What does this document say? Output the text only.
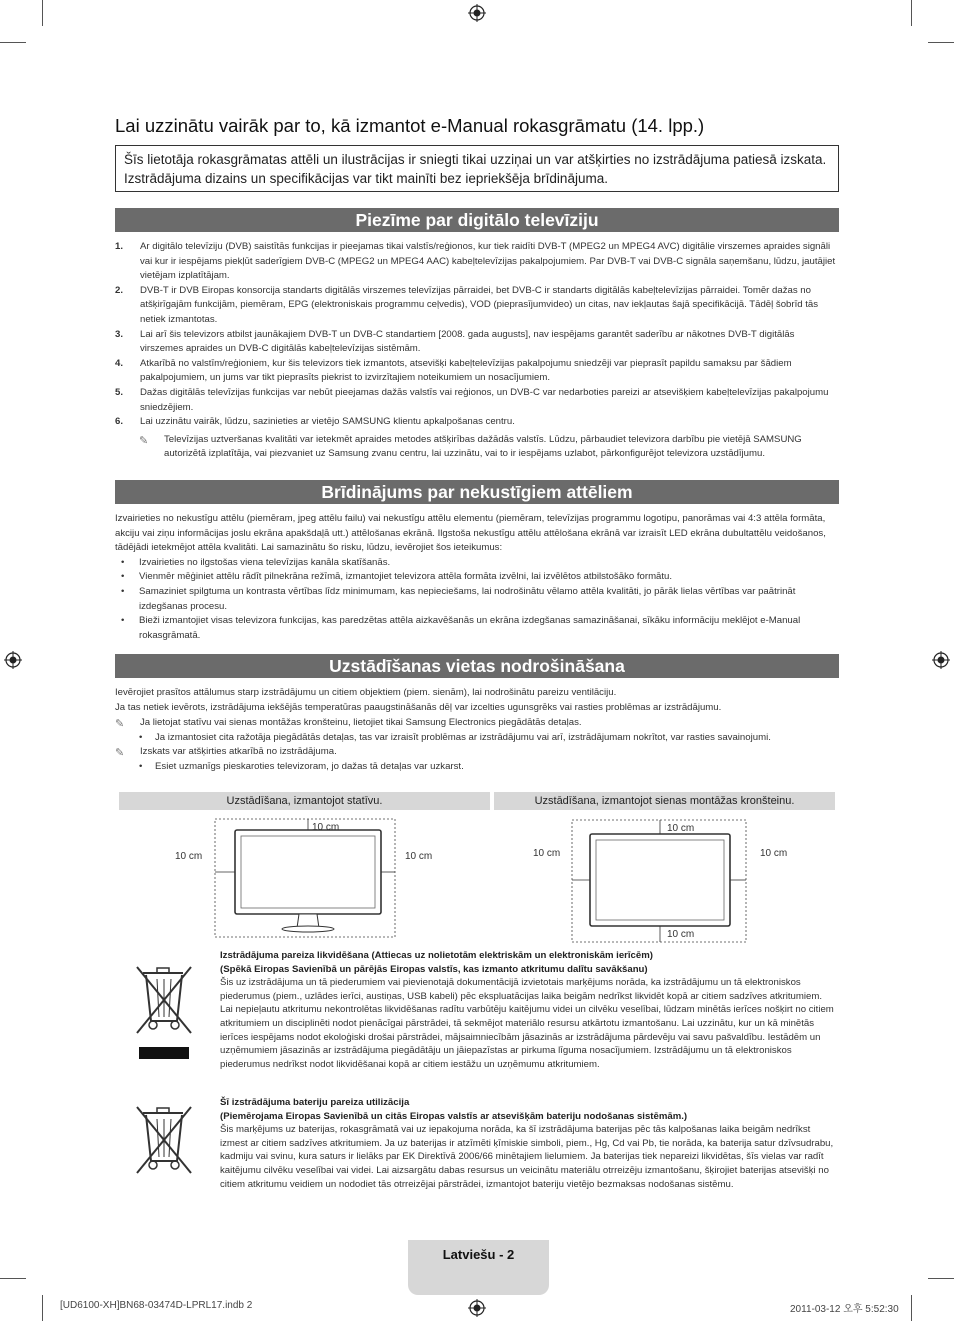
Lai uzzinātu vairāk par to, kā izmantot e-Manual rokasgrāmatu (14. lpp.)
Šīs lietotāja rokasgrāmatas attēli un ilustrācijas ir sniegti tikai uzziņai un var atšķirties no izstrādājuma patiesā izskata. Izstrādājuma dizains un specifikācijas var tikt mainīti bez iepriekšēja brīdinājuma.
Piezīme par digitālo televīziju
1. Ar digitālo televīziju (DVB) saistītās funkcijas ir pieejamas tikai valstīs/reģionos, kur tiek raidīti DVB-T (MPEG2 un MPEG4 AVC) digitālie virszemes apraides signāli vai kur ir iespējams piekļūt saderīgiem DVB-C (MPEG2 un MPEG4 AAC) kabeļtelevīzijas pakalpojumiem. Par DVB-T vai DVB-C signāla saņemšanu, lūdzu, jautājiet vietējam izplatītājam.
2. DVB-T ir DVB Eiropas konsorcija standarts digitālās virszemes televīzijas pārraidei, bet DVB-C ir standarts digitālās kabeļtelevīzijas pārraidei. Tomēr dažas no atšķirīgajām funkcijām, piemēram, EPG (elektroniskais programmu ceļvedis), VOD (pieprasījumvideo) un citas, nav iekļautas šajā specifikācijā. Tādēļ šobrīd tās netiek izmantotas.
3. Lai arī šis televizors atbilst jaunākajiem DVB-T un DVB-C standartiem [2008. gada augusts], nav iespējams garantēt saderību ar nākotnes DVB-T digitālās virszemes apraides un DVB-C digitālās kabeļtelevīzijas sistēmām.
4. Atkarībā no valstīm/reģioniem, kur šis televizors tiek izmantots, atsevišķi kabeļtelevīzijas pakalpojumu sniedzēji var pieprasīt papildu samaksu par šādiem pakalpojumiem, un jums var tikt pieprasīts piekrist to izvirzītajiem noteikumiem un nosacījumiem.
5. Dažas digitālās televīzijas funkcijas var nebūt pieejamas dažās valstīs vai reģionos, un DVB-C var nedarboties pareizi ar atsevišķiem kabeļtelevīzijas pakalpojumu sniedzējiem.
6. Lai uzzinātu vairāk, lūdzu, sazinieties ar vietējo SAMSUNG klientu apkalpošanas centru.
✎ Televīzijas uztveršanas kvalitāti var ietekmēt apraides metodes atšķirības dažādās valstīs. Lūdzu, pārbaudiet televizora darbību pie vietējā SAMSUNG autorizētā izplatītāja, vai piezvaniet uz Samsung zvanu centru, lai uzzinātu, vai to ir iespējams uzlabot, pārkonfigurējot televizora uzstādījumu.
Brīdinājums par nekustīgiem attēliem
Izvairieties no nekustīgu attēlu (piemēram, jpeg attēlu failu) vai nekustīgu attēlu elementu (piemēram, televīzijas programmu logotipu, panorāmas vai 4:3 attēla formāta, akciju vai ziņu informācijas joslu ekrāna apakšdaļā utt.) attēlošanas ekrānā. Ilgstoša nekustīgu attēlu attēlošana ekrānā var izraisīt LED ekrāna dubultattēlu veidošanos, tādējādi ietekmējot attēla kvalitāti. Lai samazinātu šo risku, lūdzu, ievērojiet šos ieteikumus:
• Izvairieties no ilgstošas viena televīzijas kanāla skatīšanās.
• Vienmēr mēģiniet attēlu rādīt pilnekrāna režīmā, izmantojiet televizora attēla formāta izvēlni, lai izvēlētos atbilstošāko formātu.
• Samaziniet spilgtuma un kontrasta vērtības līdz minimumam, kas nepieciešams, lai nodrošinātu vēlamo attēla kvalitāti, jo pārāk lielas vērtības var paātrināt izdegšanas procesu.
• Bieži izmantojiet visas televizora funkcijas, kas paredzētas attēla aizkavēšanās un ekrāna izdegšanas samazināšanai, sīkāku informāciju meklējot e-Manual rokasgrāmatā.
Uzstādīšanas vietas nodrošināšana
Ievērojiet prasītos attālumus starp izstrādājumu un citiem objektiem (piem. sienām), lai nodrošinātu pareizu ventilāciju.
Ja tas netiek ievērots, izstrādājuma iekšējās temperatūras paaugstināšanās dēļ var izcelties ugunsgrēks vai rasties problēmas ar izstrādājumu.
✎ Ja lietojat statīvu vai sienas montāžas kronšteinu, lietojiet tikai Samsung Electronics piegādātās detaļas.
• Ja izmantosiet cita ražotāja piegādātās detaļas, tas var izraisīt problēmas ar izstrādājumu vai arī, izstrādājumam nokrītot, var rasties savainojumi.
✎ Izskats var atšķirties atkarībā no izstrādājuma.
• Esiet uzmanīgs pieskaroties televizoram, jo dažas tā detaļas var uzkarst.
Uzstādīšana, izmantojot statīvu.	Uzstādīšana, izmantojot sienas montāžas kronšteinu.
10 cm
10 cm	10 cm
10 cm
10 cm	10 cm
10 cm
Izstrādājuma pareiza likvidēšana (Attiecas uz nolietotām elektriskām un elektroniskām ierīcēm)
(Spēkā Eiropas Savienībā un pārējās Eiropas valstīs, kas izmanto atkritumu dalītu savākšanu)
Šis uz izstrādājuma un tā piederumiem vai pievienotajā dokumentācijā izvietotais marķējums norāda, ka izstrādājumu un tā elektroniskos piederumus (piem., uzlādes ierīci, austiņas, USB kabeli) pēc ekspluatācijas laika beigām nedrīkst likvidēt kopā ar citiem sadzīves atkritumiem. Lai nepieļautu atkritumu nekontrolētas likvidēšanas radītu varbūtēju kaitējumu videi un cilvēku veselībai, lūdzam minētās ierīces nošķirt no citiem atkritumiem un disciplinēti nodot pienācīgai pārstrādei, tā sekmējot materiālo resursu atkārtotu izmantošanu. Lai uzzinātu, kur un kā minētās ierīces iespējams nodot ekoloģiski drošai pārstrādei, mājsaimniecībām jāsazinās ar izstrādājuma pārdevēju vai savu pašvaldību. Iestādēm un uzņēmumiem jāsazinās ar izstrādājuma piegādātāju un jāiepazīstas ar pirkuma līguma nosacījumiem. Izstrādājumu un tā elektroniskos piederumus nedrīkst nodot likvidēšanai kopā ar citiem iestāžu un uzņēmumu atkritumiem.
Šī izstrādājuma bateriju pareiza utilizācija
(Piemērojama Eiropas Savienībā un citās Eiropas valstīs ar atsevišķām bateriju nodošanas sistēmām.)
Šis marķējums uz baterijas, rokasgrāmatā vai uz iepakojuma norāda, ka šī izstrādājuma baterijas pēc tās kalpošanas laika beigām nedrīkst izmest ar citiem sadzīves atkritumiem. Ja uz baterijas ir atzīmēti ķīmiskie simboli, piem., Hg, Cd vai Pb, tie norāda, ka baterija satur dzīvsudrabu, kadmiju vai svinu, kura saturs ir lielāks par EK Direktīvā 2006/66 minētajiem lielumiem. Ja baterijas tiek nepareizi likvidētas, šīs vielas var radīt kaitējumu cilvēku veselībai vai videi. Lai aizsargātu dabas resursus un veicinātu materiālu otrreizēju izmantošanu, šķirojiet baterijas atsevišķi no citiem atkritumu veidiem un nododiet tās otrreizējai pārstrādei, izmantojot bateriju vietējo bezmaksas nodošanas sistēmu.
Latviešu - 2
[UD6100-XH]BN68-03474D-LPRL17.indb 2	2011-03-12 오후 5:52:30
